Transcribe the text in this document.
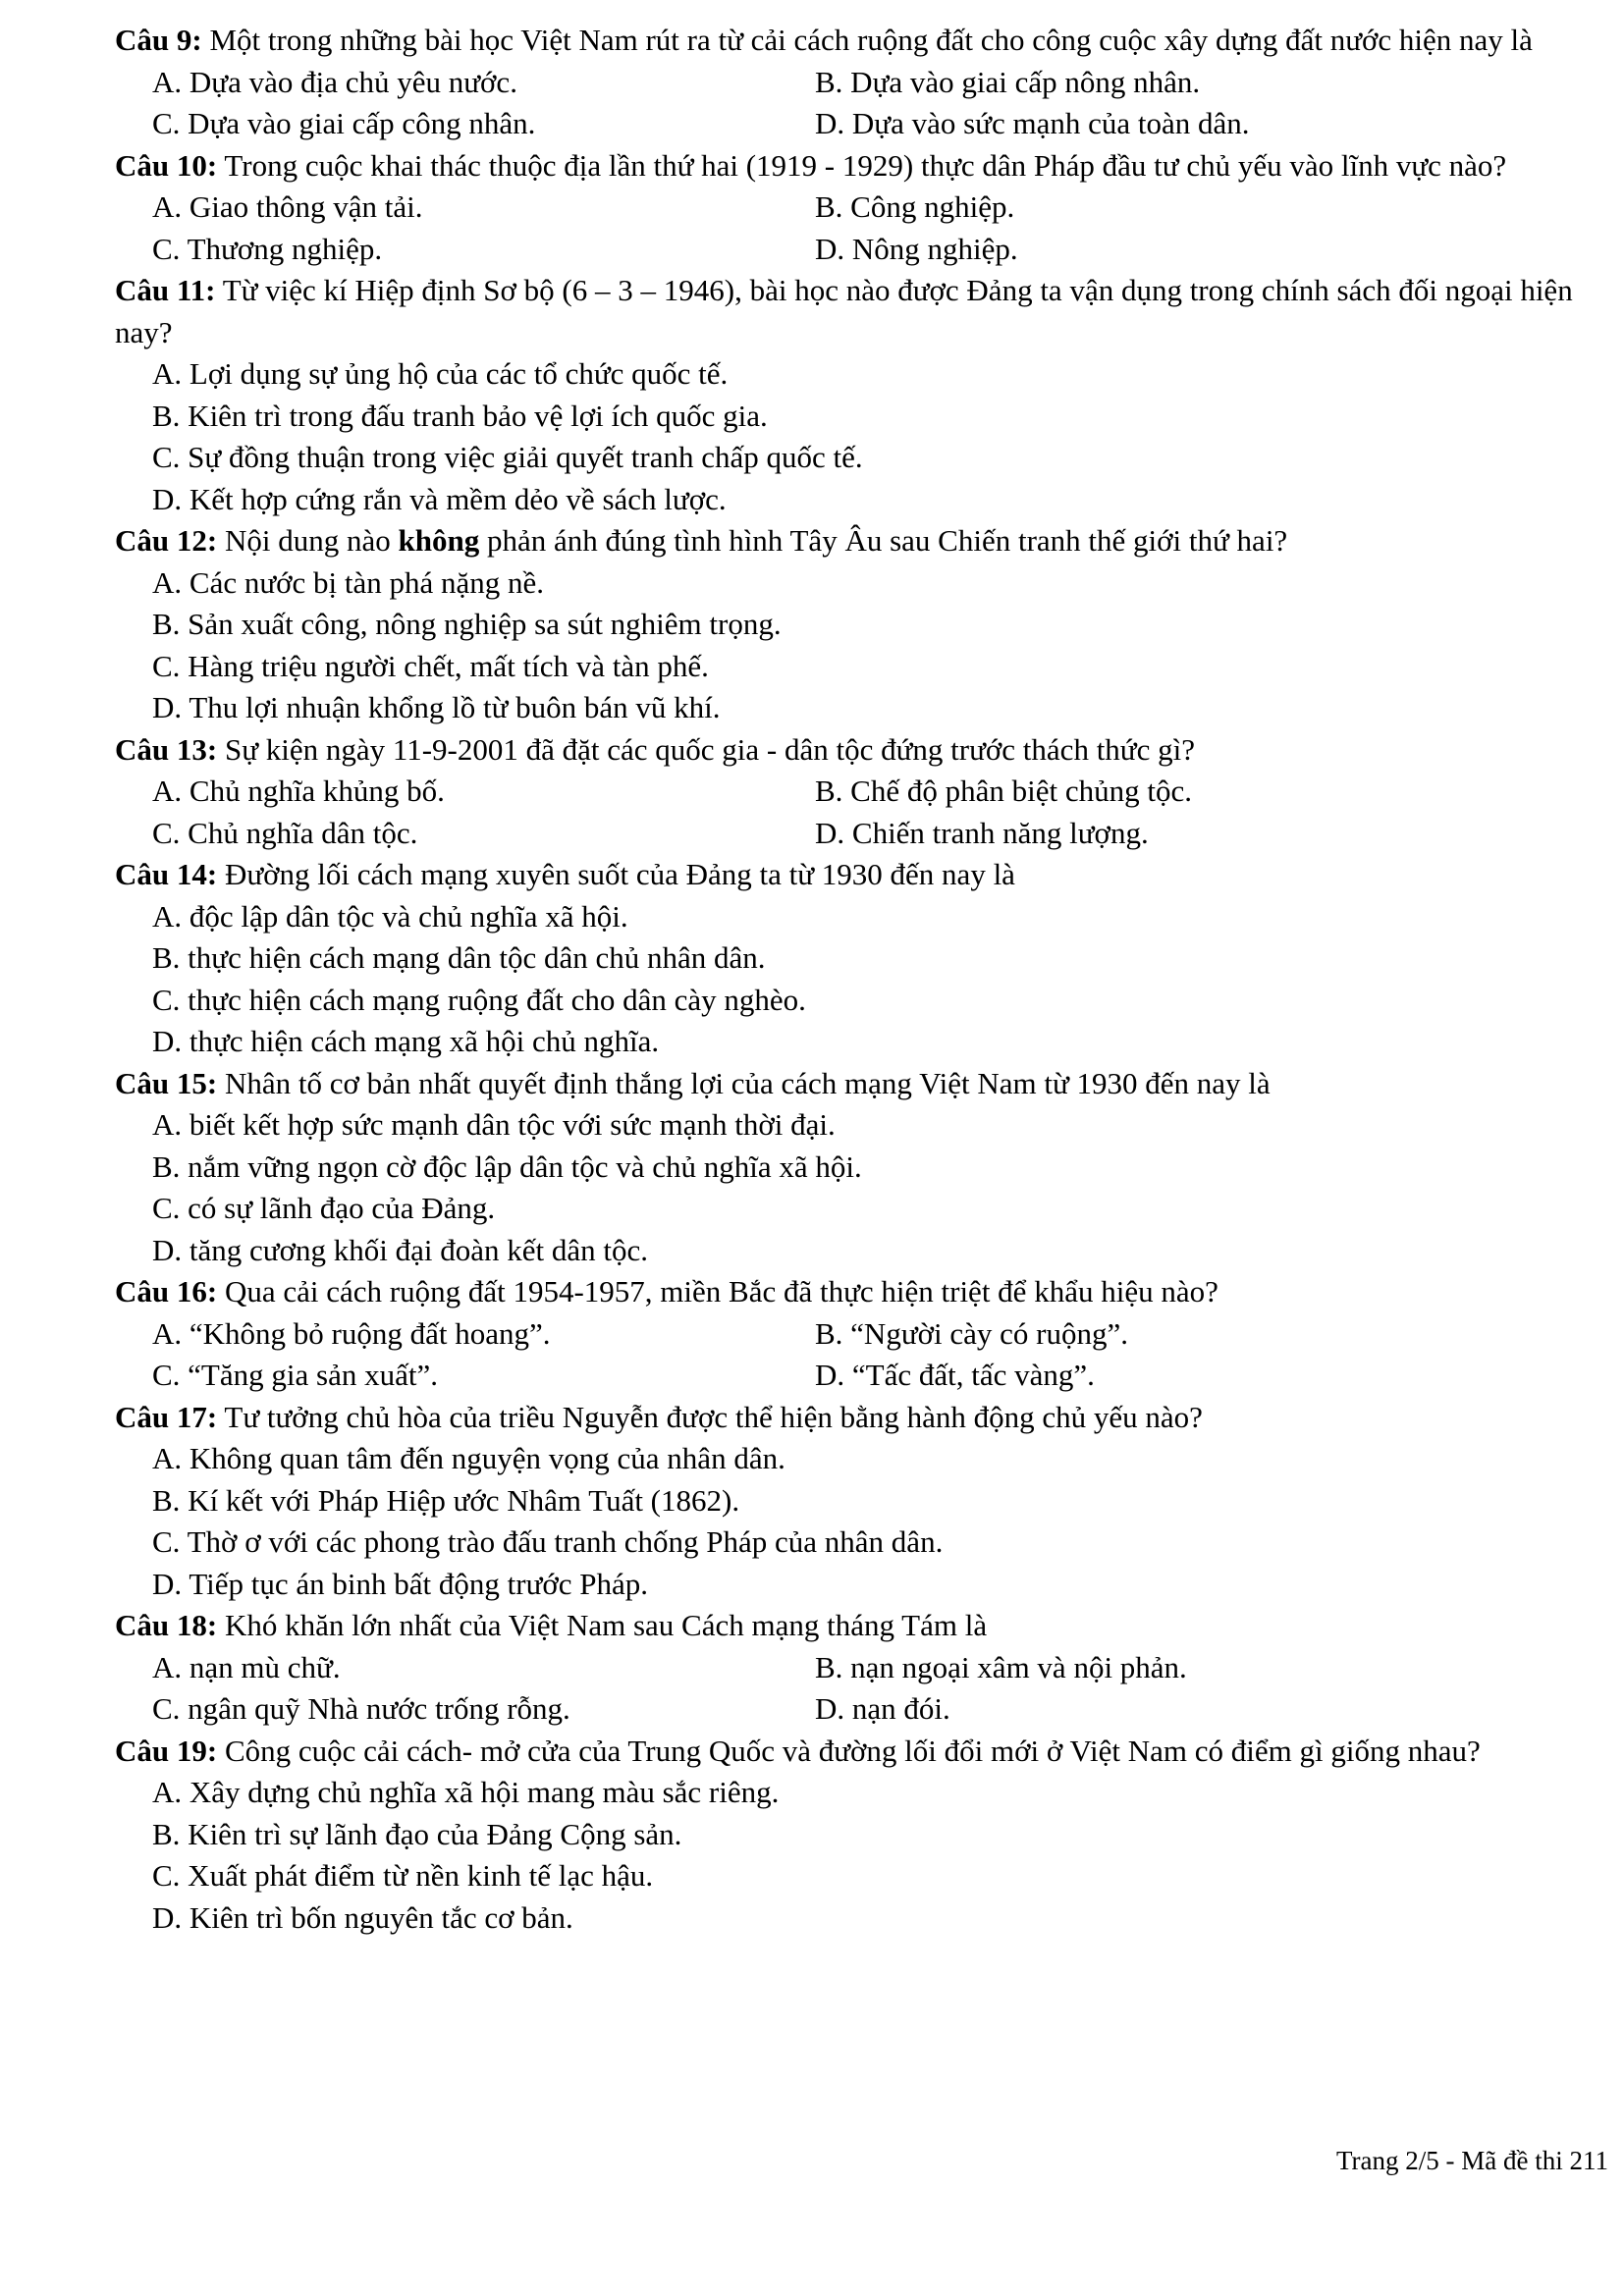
Câu 9: Một trong những bài học Việt Nam rút ra từ cải cách ruộng đất cho công cuộc xây dựng đất nước hiện nay là
A. Dựa vào địa chủ yêu nước.	B. Dựa vào giai cấp nông nhân.
C. Dựa vào giai cấp công nhân.	D. Dựa vào sức mạnh của toàn dân.
Câu 10: Trong cuộc khai thác thuộc địa lần thứ hai (1919 - 1929) thực dân Pháp đầu tư chủ yếu vào lĩnh vực nào?
A. Giao thông vận tải.	B. Công nghiệp.
C. Thương nghiệp.	D. Nông nghiệp.
Câu 11: Từ việc kí Hiệp định Sơ bộ (6 – 3 – 1946), bài học nào được Đảng ta vận dụng trong chính sách đối ngoại hiện nay?
A. Lợi dụng sự ủng hộ của các tổ chức quốc tế.
B. Kiên trì trong đấu tranh bảo vệ lợi ích quốc gia.
C. Sự đồng thuận trong việc giải quyết tranh chấp quốc tế.
D. Kết hợp cứng rắn và mềm dẻo về sách lược.
Câu 12: Nội dung nào không phản ánh đúng tình hình Tây Âu sau Chiến tranh thế giới thứ hai?
A. Các nước bị tàn phá nặng nề.
B. Sản xuất công, nông nghiệp sa sút nghiêm trọng.
C. Hàng triệu người chết, mất tích và tàn phế.
D. Thu lợi nhuận khổng lồ từ buôn bán vũ khí.
Câu 13: Sự kiện ngày 11-9-2001 đã đặt các quốc gia - dân tộc đứng trước thách thức gì?
A. Chủ nghĩa khủng bố.	B. Chế độ phân biệt chủng tộc.
C. Chủ nghĩa dân tộc.	D. Chiến tranh năng lượng.
Câu 14: Đường lối cách mạng xuyên suốt của Đảng ta từ 1930 đến nay là
A. độc lập dân tộc và chủ nghĩa xã hội.
B. thực hiện cách mạng dân tộc dân chủ nhân dân.
C. thực hiện cách mạng ruộng đất cho dân cày nghèo.
D. thực hiện cách mạng xã hội chủ nghĩa.
Câu 15: Nhân tố cơ bản nhất quyết định thắng lợi của cách mạng Việt Nam từ 1930 đến nay là
A. biết kết hợp sức mạnh dân tộc với sức mạnh thời đại.
B. nắm vững ngọn cờ độc lập dân tộc và chủ nghĩa xã hội.
C. có sự lãnh đạo của Đảng.
D. tăng cương khối đại đoàn kết dân tộc.
Câu 16: Qua cải cách ruộng đất 1954-1957, miền Bắc đã thực hiện triệt để khẩu hiệu nào?
A. “Không bỏ ruộng đất hoang”.	B. “Người cày có ruộng”.
C. “Tăng gia sản xuất”.	D. “Tấc đất, tấc vàng”.
Câu 17: Tư tưởng chủ hòa của triều Nguyễn được thể hiện bằng hành động chủ yếu nào?
A. Không quan tâm đến nguyện vọng của nhân dân.
B. Kí kết với Pháp Hiệp ước Nhâm Tuất (1862).
C. Thờ ơ với các phong trào đấu tranh chống Pháp của nhân dân.
D. Tiếp tục án binh bất động trước Pháp.
Câu 18: Khó khăn lớn nhất của Việt Nam sau Cách mạng tháng Tám là
A. nạn mù chữ.	B. nạn ngoại xâm và nội phản.
C. ngân quỹ Nhà nước trống rỗng.	D. nạn đói.
Câu 19: Công cuộc cải cách- mở cửa của Trung Quốc và đường lối đổi mới ở Việt Nam có điểm gì giống nhau?
A. Xây dựng chủ nghĩa xã hội mang màu sắc riêng.
B. Kiên trì sự lãnh đạo của Đảng Cộng sản.
C. Xuất phát điểm từ nền kinh tế lạc hậu.
D. Kiên trì bốn nguyên tắc cơ bản.
Trang 2/5 - Mã đề thi 211
